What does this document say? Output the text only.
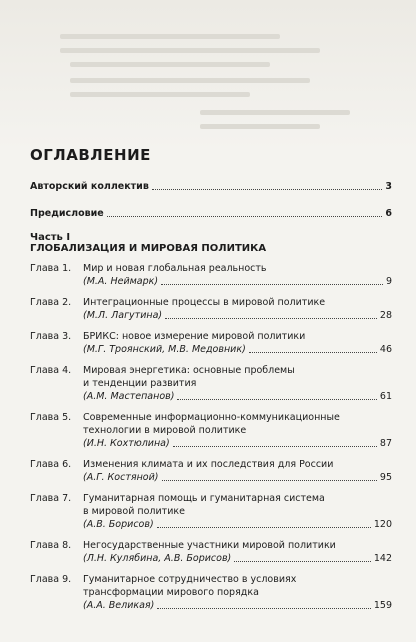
ОГЛАВЛЕНИЕ
Авторский коллектив	3
Предисловие	6
Часть I
ГЛОБАЛИЗАЦИЯ И МИРОВАЯ ПОЛИТИКА
Глава 1.	Мир и новая глобальная реальность
(М.А. Неймарк)	9
Глава 2.	Интеграционные процессы в мировой политике
(М.Л. Лагутина)	28
Глава 3.	БРИКС: новое измерение мировой политики
(М.Г. Троянский, М.В. Медовник)	46
Глава 4.	Мировая энергетика: основные проблемы
и тенденции развития
(А.М. Мастепанов)	61
Глава 5.	Современные информационно-коммуникационные
технологии в мировой политике
(И.Н. Кохтюлина)	87
Глава 6.	Изменения климата и их последствия для России
(А.Г. Костяной)	95
Глава 7.	Гуманитарная помощь и гуманитарная система
в мировой политике
(А.В. Борисов)	120
Глава 8.	Негосударственные участники мировой политики
(Л.Н. Кулябина, А.В. Борисов)	142
Глава 9.	Гуманитарное сотрудничество в условиях
трансформации мирового порядка
(А.А. Великая)	159
